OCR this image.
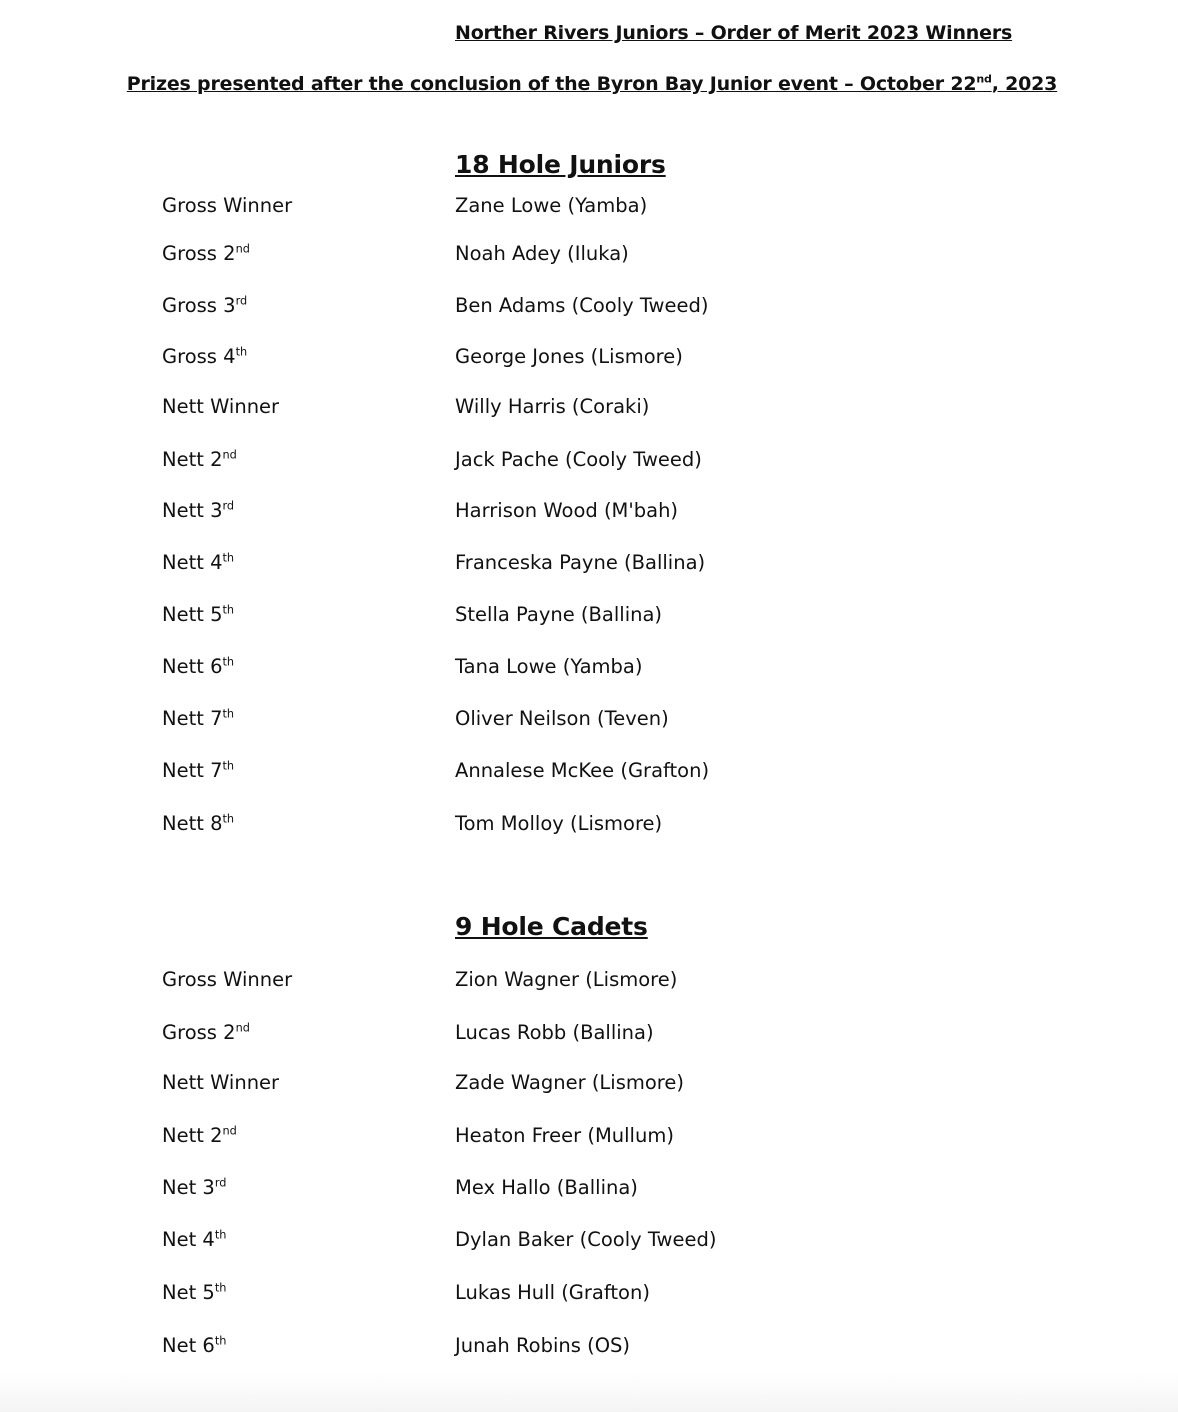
Norther Rivers Juniors – Order of Merit 2023 Winners
Prizes presented after the conclusion of the Byron Bay Junior event – October 22nd, 2023
18 Hole Juniors
Gross Winner	Zane Lowe (Yamba)
Gross 2nd	Noah Adey (Iluka)
Gross 3rd	Ben Adams (Cooly Tweed)
Gross 4th	George Jones (Lismore)
Nett Winner	Willy Harris (Coraki)
Nett 2nd	Jack Pache (Cooly Tweed)
Nett 3rd	Harrison Wood (M'bah)
Nett 4th	Franceska Payne (Ballina)
Nett 5th	Stella Payne (Ballina)
Nett 6th	Tana Lowe (Yamba)
Nett 7th	Oliver Neilson (Teven)
Nett 7th	Annalese McKee (Grafton)
Nett 8th	Tom Molloy (Lismore)
9 Hole Cadets
Gross Winner	Zion Wagner (Lismore)
Gross 2nd	Lucas Robb (Ballina)
Nett Winner	Zade Wagner (Lismore)
Nett 2nd	Heaton Freer (Mullum)
Net 3rd	Mex Hallo (Ballina)
Net 4th	Dylan Baker (Cooly Tweed)
Net 5th	Lukas Hull (Grafton)
Net 6th	Junah Robins (OS)
